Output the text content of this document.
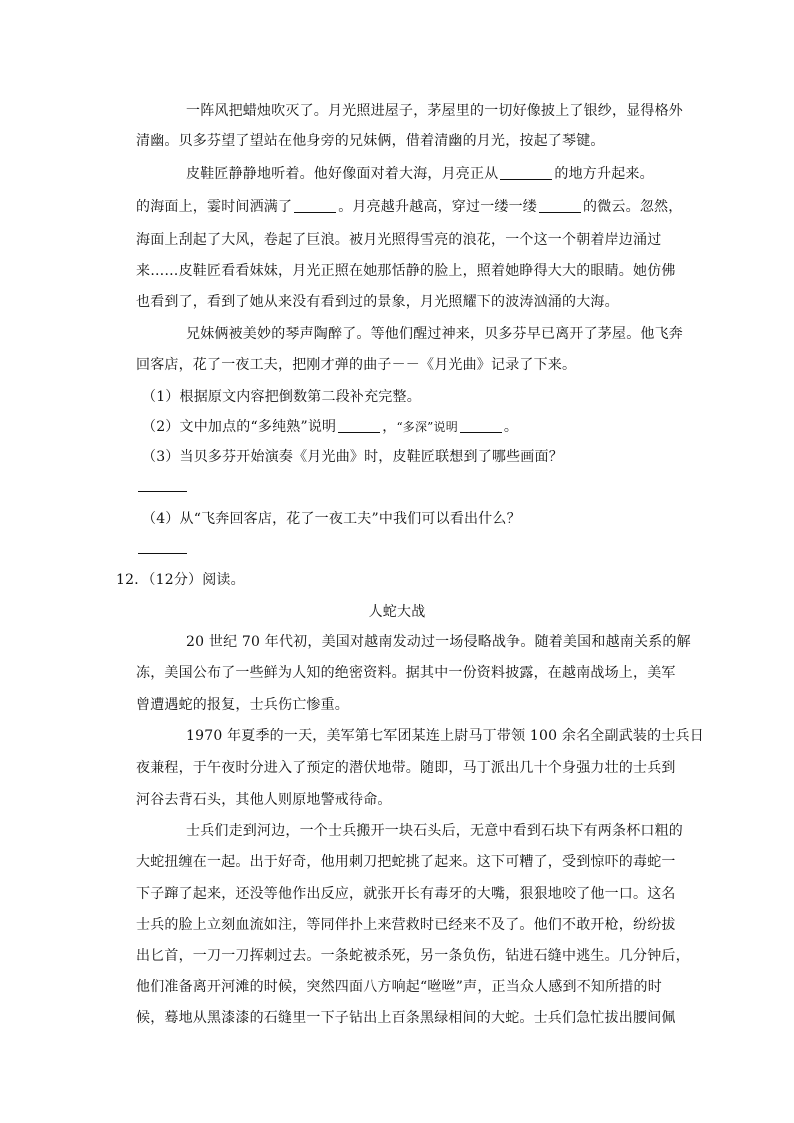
一阵风把蜡烛吹灭了。月光照进屋子，茅屋里的一切好像披上了银纱，显得格外
清幽。贝多芬望了望站在他身旁的兄妹俩，借着清幽的月光，按起了琴键。
皮鞋匠静静地听着。他好像面对着大海，月亮正从	的地方升起来。
的海面上，霎时间洒满了	。月亮越升越高，穿过一缕一缕	的微云。忽然，
海面上刮起了大风，卷起了巨浪。被月光照得雪亮的浪花，一个这一个朝着岸边涌过
来……皮鞋匠看看妹妹，月光正照在她那恬静的脸上，照着她睁得大大的眼睛。她仿佛
也看到了，看到了她从来没有看到过的景象，月光照耀下的波涛汹涌的大海。
兄妹俩被美妙的琴声陶醉了。等他们醒过神来，贝多芬早已离开了茅屋。他飞奔
回客店，花了一夜工夫，把刚才弹的曲子－－《月光曲》记录了下来。
（1）根据原文内容把倒数第二段补充完整。
（2）文中加点的“多纯熟”说明	，“多深”说明	。
（3）当贝多芬开始演奏《月光曲》时，皮鞋匠联想到了哪些画面？
（4）从“飞奔回客店，花了一夜工夫”中我们可以看出什么？
12．（12分）阅读。
人蛇大战
20 世纪 70 年代初，美国对越南发动过一场侵略战争。随着美国和越南关系的解
冻，美国公布了一些鲜为人知的绝密资料。据其中一份资料披露，在越南战场上，美军
曾遭遇蛇的报复，士兵伤亡惨重。
1970 年夏季的一天，美军第七军团某连上尉马丁带领 100 余名全副武装的士兵日
夜兼程，于午夜时分进入了预定的潜伏地带。随即，马丁派出几十个身强力壮的士兵到
河谷去背石头，其他人则原地警戒待命。
士兵们走到河边，一个士兵搬开一块石头后，无意中看到石块下有两条杯口粗的
大蛇扭缠在一起。出于好奇，他用刺刀把蛇挑了起来。这下可糟了，受到惊吓的毒蛇一
下子蹿了起来，还没等他作出反应，就张开长有毒牙的大嘴，狠狠地咬了他一口。这名
士兵的脸上立刻血流如注，等同伴扑上来营救时已经来不及了。他们不敢开枪，纷纷拔
出匕首，一刀一刀挥刺过去。一条蛇被杀死，另一条负伤，钻进石缝中逃生。几分钟后，
他们准备离开河滩的时候，突然四面八方响起“咝咝”声，正当众人感到不知所措的时
候，蓦地从黑漆漆的石缝里一下子钻出上百条黑绿相间的大蛇。士兵们急忙拔出腰间佩
